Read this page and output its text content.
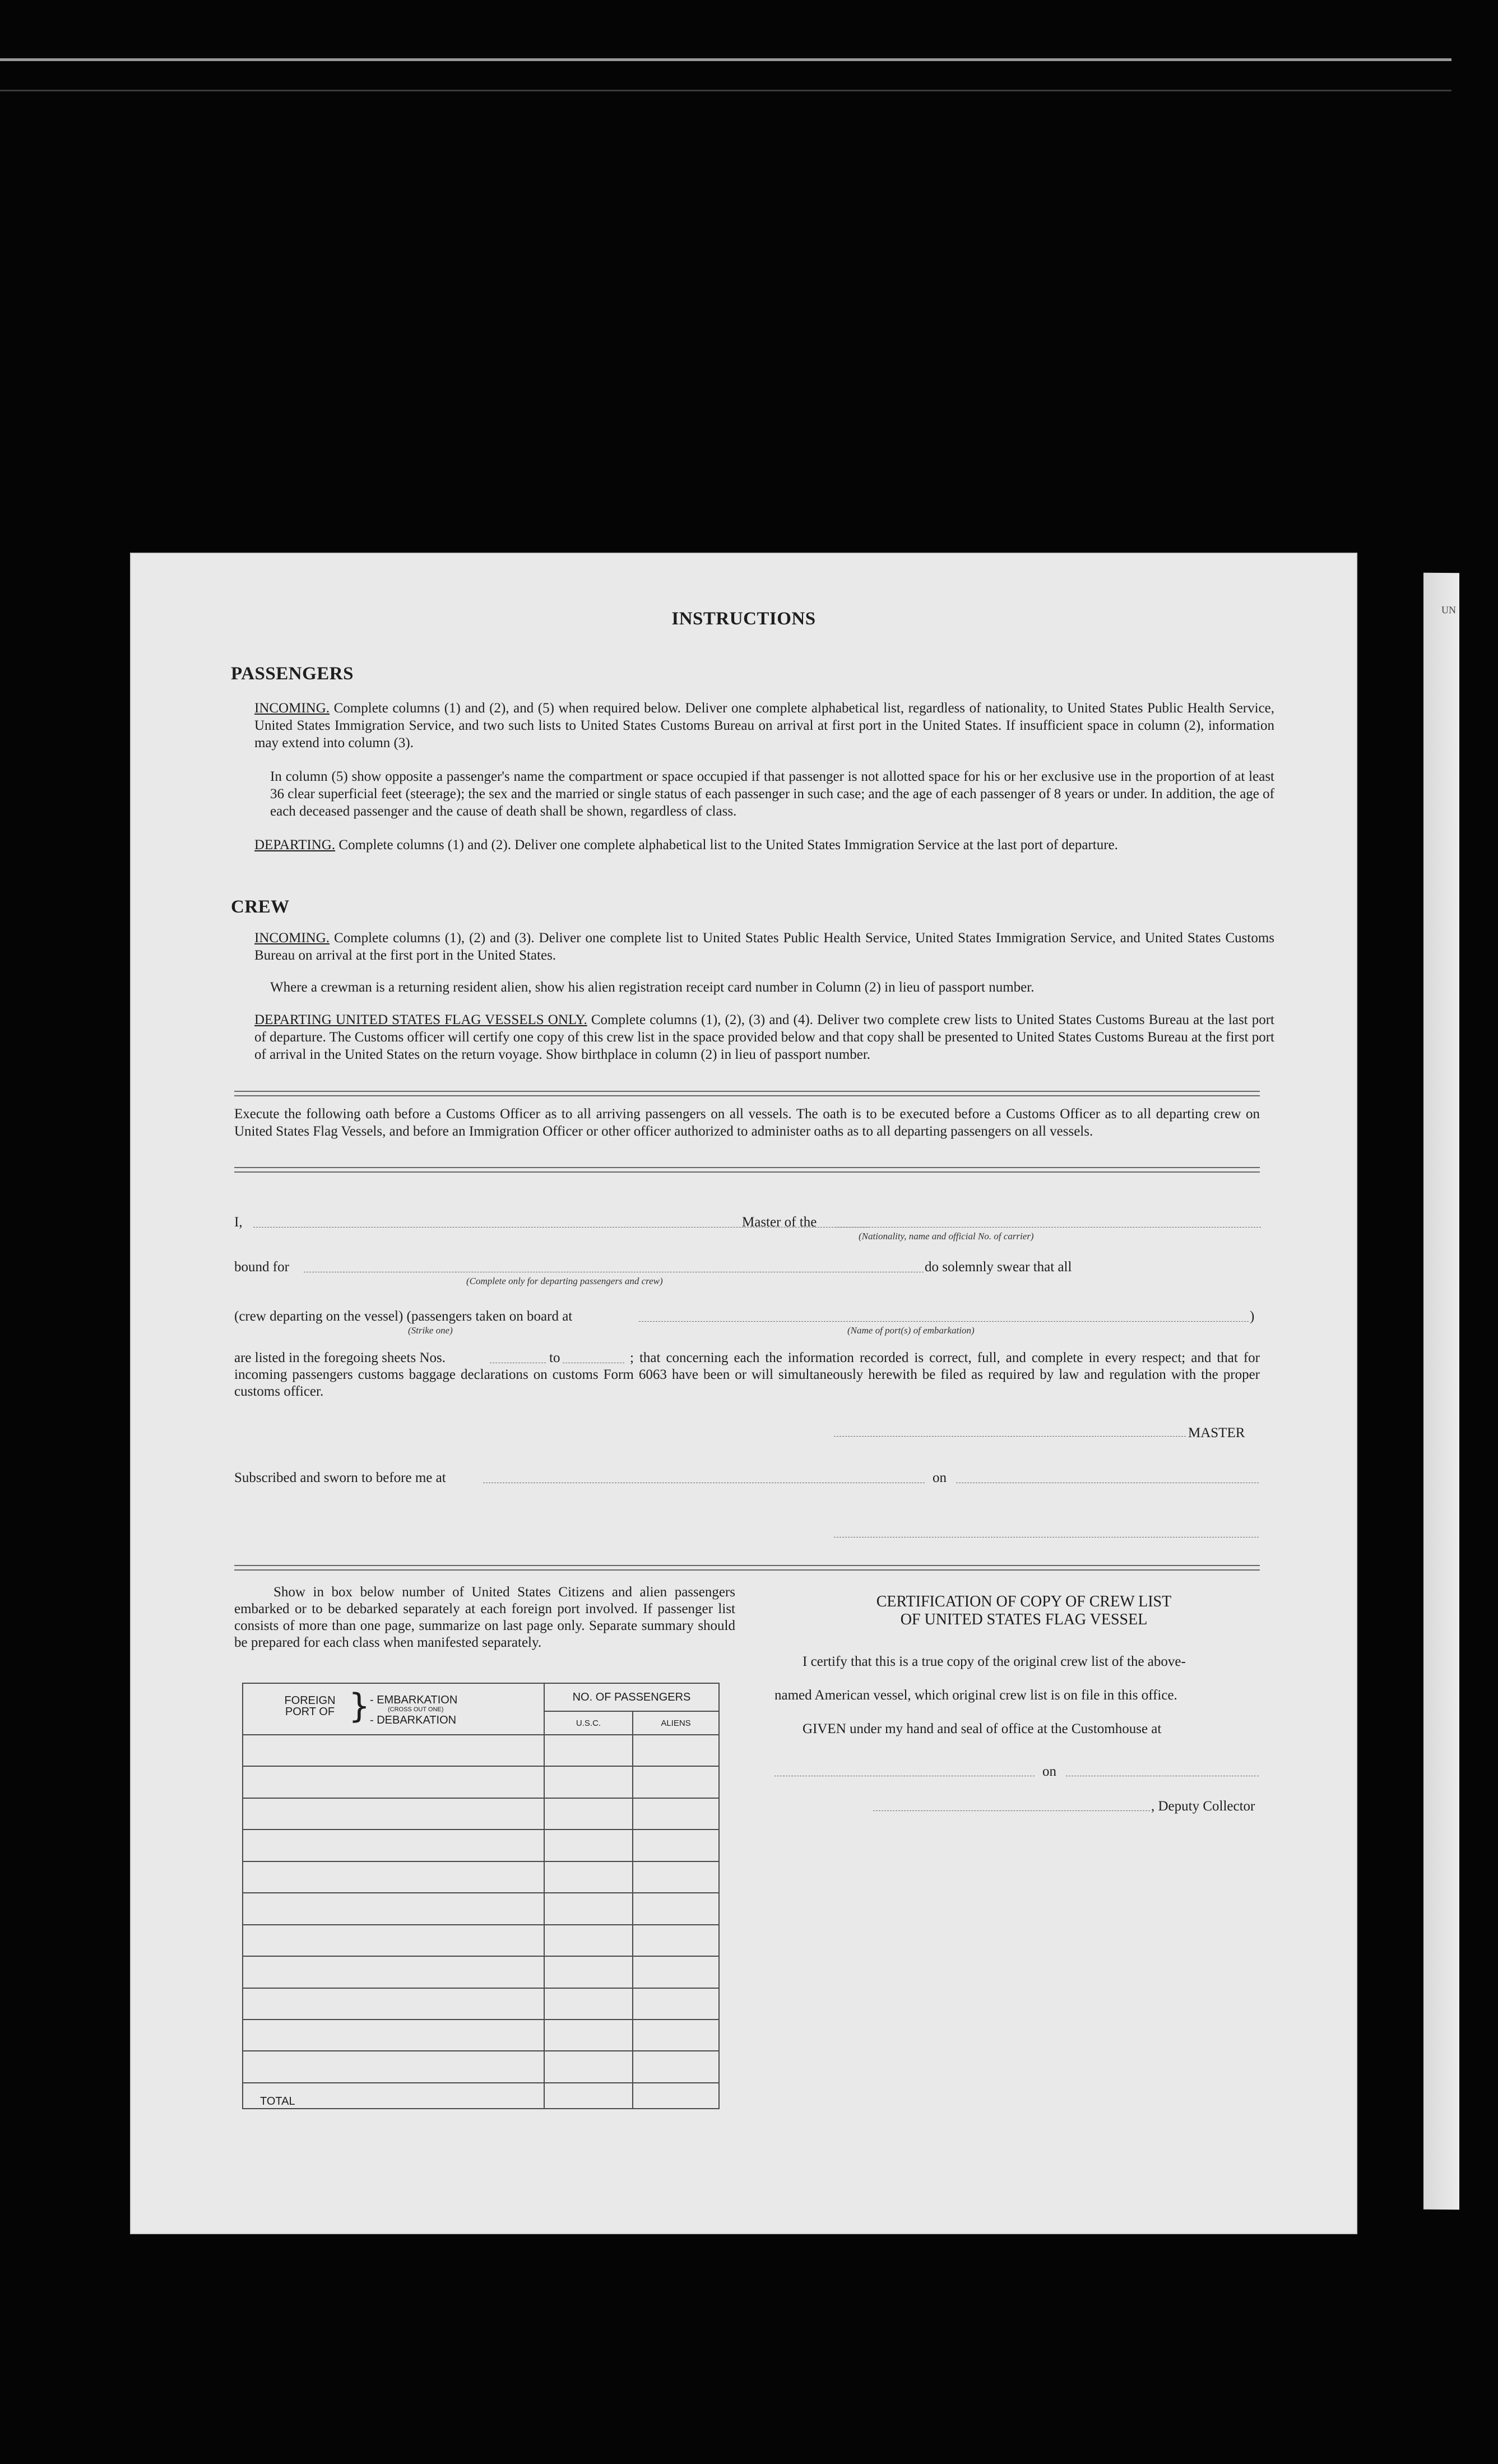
UN
INSTRUCTIONS
PASSENGERS
INCOMING. Complete columns (1) and (2), and (5) when required below. Deliver one complete alphabetical list, regardless of nationality, to United States Public Health Service, United States Immigration Service, and two such lists to United States Customs Bureau on arrival at first port in the United States. If insufficient space in column (2), information may extend into column (3).
In column (5) show opposite a passenger's name the compartment or space occupied if that passenger is not allotted space for his or her exclusive use in the proportion of at least 36 clear superficial feet (steerage); the sex and the married or single status of each passenger in such case; and the age of each passenger of 8 years or under. In addition, the age of each deceased passenger and the cause of death shall be shown, regardless of class.
DEPARTING. Complete columns (1) and (2). Deliver one complete alphabetical list to the United States Immigration Service at the last port of departure.
CREW
INCOMING. Complete columns (1), (2) and (3). Deliver one complete list to United States Public Health Service, United States Immigration Service, and United States Customs Bureau on arrival at the first port in the United States.
Where a crewman is a returning resident alien, show his alien registration receipt card number in Column (2) in lieu of passport number.
DEPARTING UNITED STATES FLAG VESSELS ONLY. Complete columns (1), (2), (3) and (4). Deliver two complete crew lists to United States Customs Bureau at the last port of departure. The Customs officer will certify one copy of this crew list in the space provided below and that copy shall be presented to United States Customs Bureau at the first port of arrival in the United States on the return voyage. Show birthplace in column (2) in lieu of passport number.
Execute the following oath before a Customs Officer as to all arriving passengers on all vessels. The oath is to be executed before a Customs Officer as to all departing crew on United States Flag Vessels, and before an Immigration Officer or other officer authorized to administer oaths as to all departing passengers on all vessels.
I,	Master of the
(Nationality, name and official No. of carrier)
bound for
(Complete only for departing passengers and crew)
do solemnly swear that all
(crew departing on the vessel) (passengers taken on board at	)
(Strike one)	(Name of port(s) of embarkation)
are listed in the foregoing sheets Nos.	to	; that concerning each the information recorded is correct, full, and complete in every respect; and that for incoming passengers customs baggage declarations on customs Form 6063 have been or will simultaneously herewith be filed as required by law and regulation with the proper customs officer.
MASTER
Subscribed and sworn to before me at	on
Show in box below number of United States Citizens and alien passengers embarked or to be debarked separately at each foreign port involved. If passenger list consists of more than one page, summarize on last page only. Separate summary should be prepared for each class when manifested separately.
FOREIGN PORT OF } - EMBARKATION
(CROSS OUT ONE)
- DEBARKATION	NO. OF PASSENGERS	
	U.S.C.	ALIENS

TOTAL		
CERTIFICATION OF COPY OF CREW LIST
OF UNITED STATES FLAG VESSEL
I certify that this is a true copy of the original crew list of the above-
named American vessel, which original crew list is on file in this office.
GIVEN under my hand and seal of office at the Customhouse at
on
, Deputy Collector
